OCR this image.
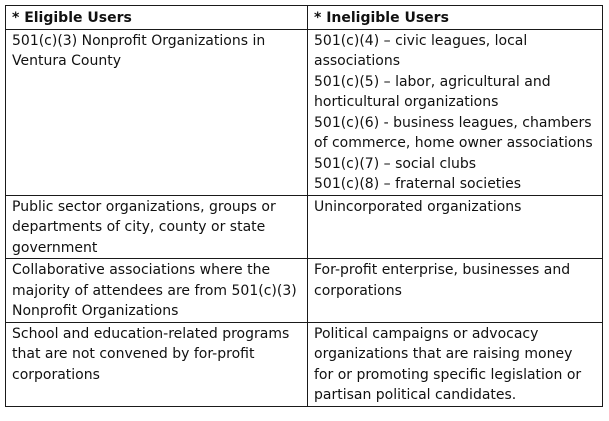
* Eligible Users	* Ineligible Users
501(c)(3) Nonprofit Organizations in Ventura County	501(c)(4) – civic leagues, local associations
501(c)(5) – labor, agricultural and horticultural organizations
501(c)(6) - business leagues, chambers of commerce, home owner associations
501(c)(7) – social clubs
501(c)(8) – fraternal societies

Public sector organizations, groups or departments of city, county or state government	Unincorporated organizations

Collaborative associations where the majority of attendees are from 501(c)(3) Nonprofit Organizations	For-profit enterprise, businesses and corporations

School and education-related programs that are not convened by for-profit corporations	Political campaigns or advocacy organizations that are raising money for or promoting specific legislation or partisan political candidates.
